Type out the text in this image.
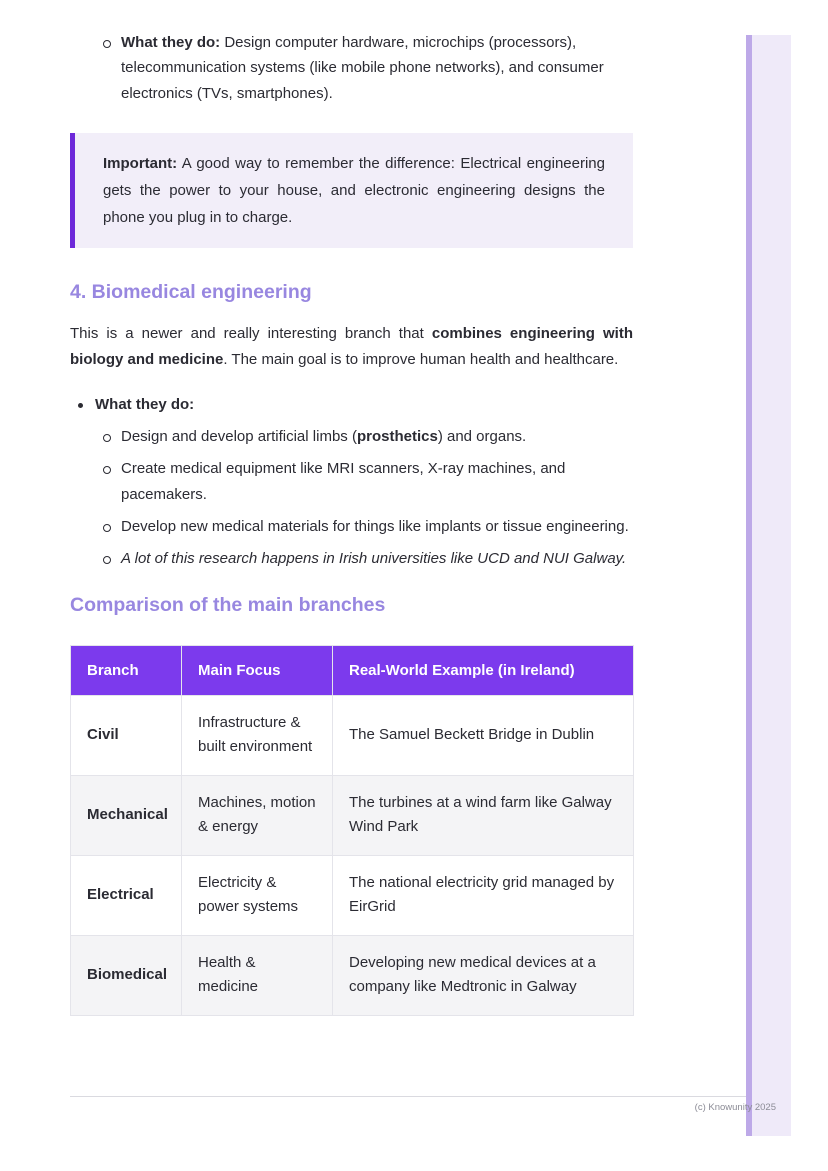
What they do: Design computer hardware, microchips (processors), telecommunication systems (like mobile phone networks), and consumer electronics (TVs, smartphones).

Important: A good way to remember the difference: Electrical engineering gets the power to your house, and electronic engineering designs the phone you plug in to charge.

4. Biomedical engineering

This is a newer and really interesting branch that combines engineering with biology and medicine. The main goal is to improve human health and healthcare.

What they do:

Design and develop artificial limbs (prosthetics) and organs.

Create medical equipment like MRI scanners, X-ray machines, and pacemakers.

Develop new medical materials for things like implants or tissue engineering.

A lot of this research happens in Irish universities like UCD and NUI Galway.

Comparison of the main branches
Branch	Main Focus	Real-World Example (in Ireland)
Civil	Infrastructure & built environment	The Samuel Beckett Bridge in Dublin
Mechanical	Machines, motion & energy	The turbines at a wind farm like Galway Wind Park
Electrical	Electricity & power systems	The national electricity grid managed by EirGrid
Biomedical	Health & medicine	Developing new medical devices at a company like Medtronic in Galway
(c) Knowunity 2025
